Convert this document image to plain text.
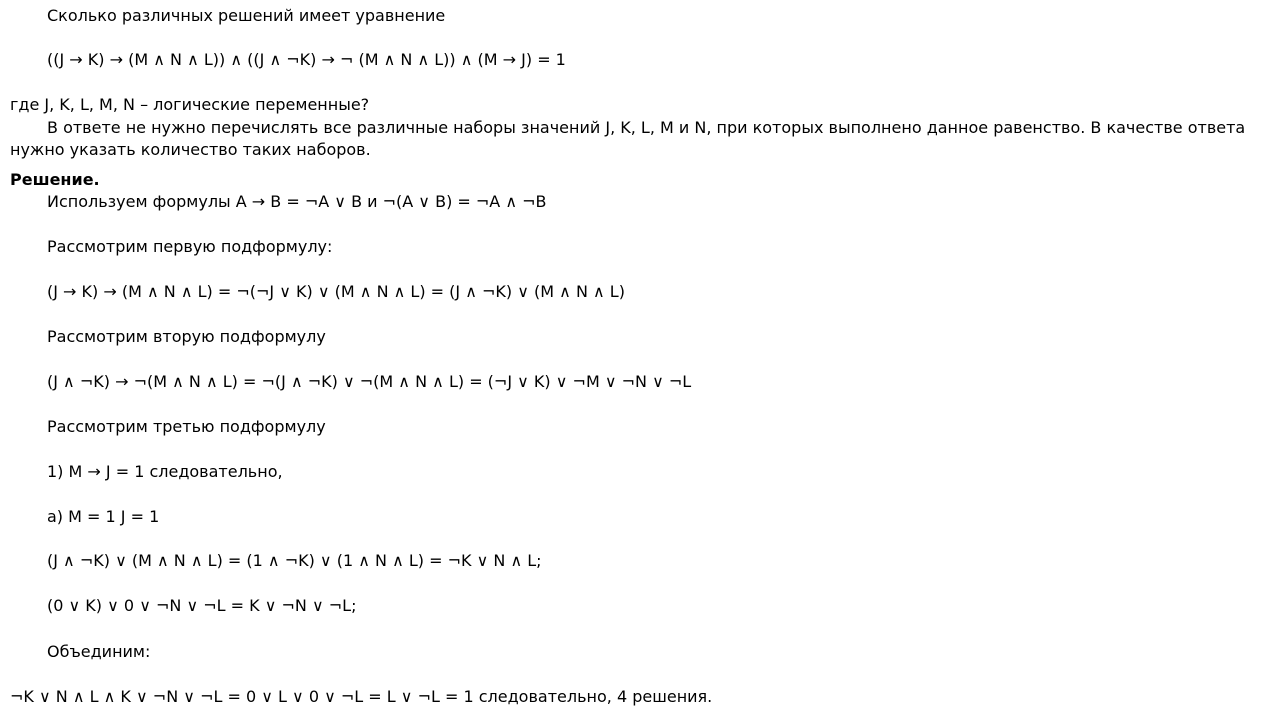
Сколько различных решений имеет уравнение

((J → K) → (M ∧ N ∧ L)) ∧ ((J ∧ ¬K) → ¬ (M ∧ N ∧ L)) ∧ (M → J) = 1

где J, K, L, M, N – логические переменные?

В ответе не нужно перечислять все различные наборы значений J, K, L, M и N, при которых выполнено данное равенство. В качестве ответа нужно указать количество таких наборов.

Решение.

Используем формулы A → B = ¬A ∨ B и ¬(A ∨ B) = ¬A ∧ ¬B

Рассмотрим первую подформулу:

(J → K) → (M ∧ N ∧ L) = ¬(¬J ∨ K) ∨ (M ∧ N ∧ L) = (J ∧ ¬K) ∨ (M ∧ N ∧ L)

Рассмотрим вторую подформулу

(J ∧ ¬K) → ¬(M ∧ N ∧ L) = ¬(J ∧ ¬K) ∨ ¬(M ∧ N ∧ L) = (¬J ∨ K) ∨ ¬M ∨ ¬N ∨ ¬L

Рассмотрим третью подформулу

1) M → J = 1 следовательно,

а) M = 1 J = 1

(J ∧ ¬K) ∨ (M ∧ N ∧ L) = (1 ∧ ¬K) ∨ (1 ∧ N ∧ L) = ¬K ∨ N ∧ L;

(0 ∨ K) ∨ 0 ∨ ¬N ∨ ¬L = K ∨ ¬N ∨ ¬L;

Объединим:

¬K ∨ N ∧ L ∧ K ∨ ¬N ∨ ¬L = 0 ∨ L ∨ 0 ∨ ¬L = L ∨ ¬L = 1 следовательно, 4 решения.
